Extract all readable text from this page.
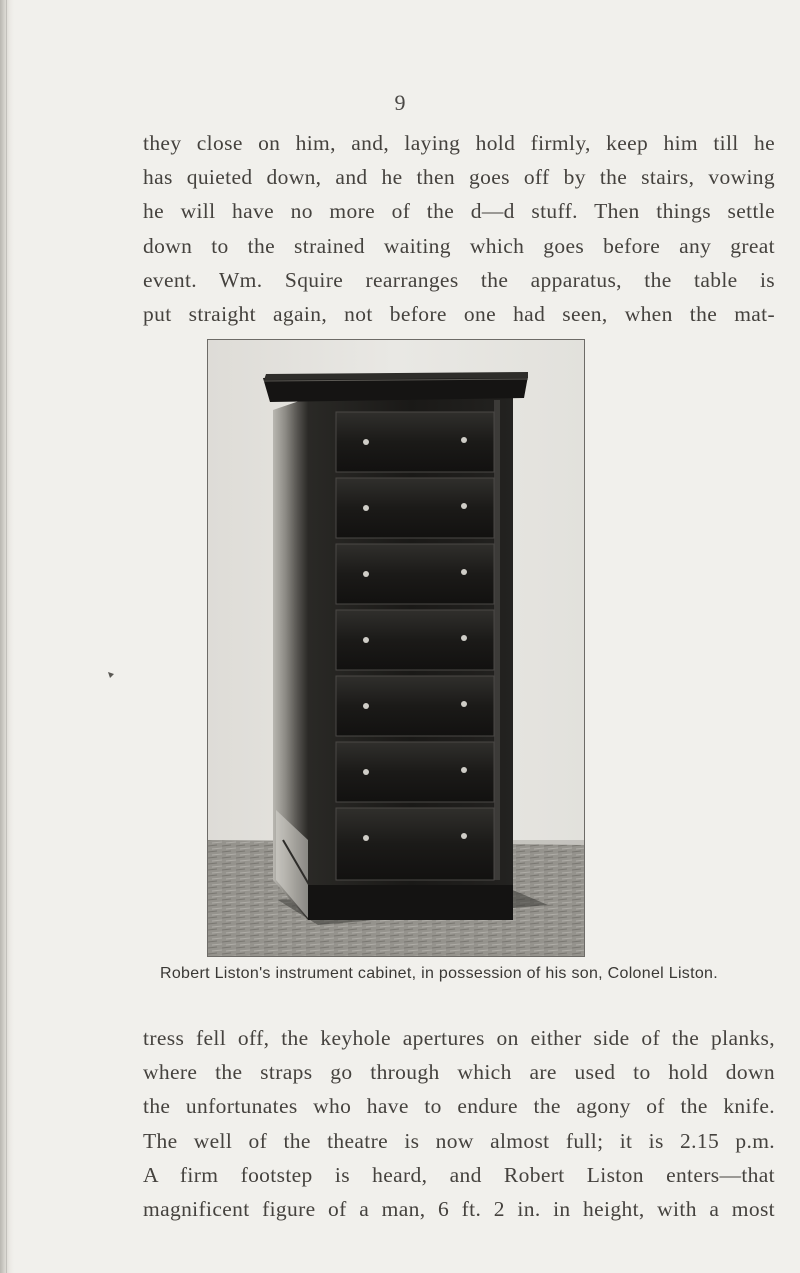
9

they close on him, and, laying hold firmly, keep him till he
has quieted down, and he then goes off by the stairs, vowing
he will have no more of the d—d stuff. Then things settle
down to the strained waiting which goes before any great
event. Wm. Squire rearranges the apparatus, the table is
put straight again, not before one had seen, when the mat-

Robert Liston's instrument cabinet, in possession of his son, Colonel Liston.

tress fell off, the keyhole apertures on either side of the planks,
where the straps go through which are used to hold down
the unfortunates who have to endure the agony of the knife.
The well of the theatre is now almost full; it is 2.15 p.m.
A firm footstep is heard, and Robert Liston enters—that
magnificent figure of a man, 6 ft. 2 in. in height, with a most
